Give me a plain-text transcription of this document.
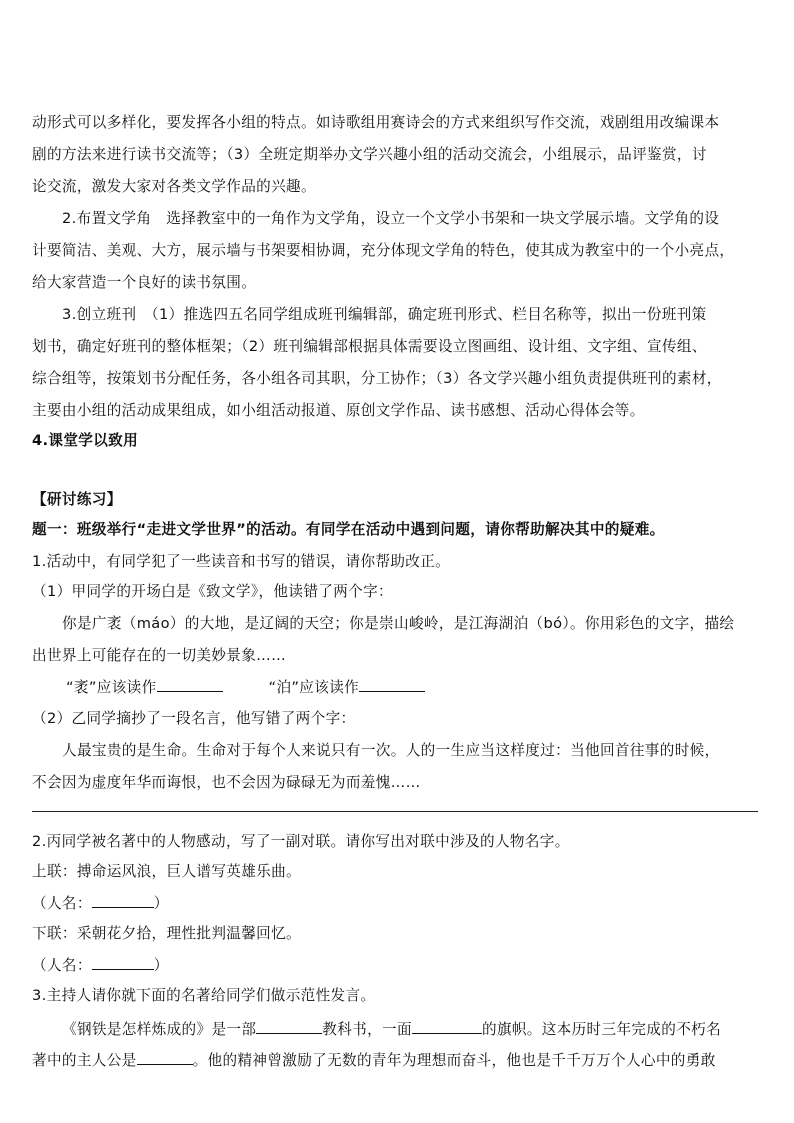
动形式可以多样化，要发挥各小组的特点。如诗歌组用赛诗会的方式来组织写作交流，戏剧组用改编课本
剧的方法来进行读书交流等；（3）全班定期举办文学兴趣小组的活动交流会，小组展示，品评鉴赏，讨
论交流，激发大家对各类文学作品的兴趣。
2.布置文学角　选择教室中的一角作为文学角，设立一个文学小书架和一块文学展示墙。文学角的设
计要简洁、美观、大方，展示墙与书架要相协调，充分体现文学角的特色，使其成为教室中的一个小亮点，
给大家营造一个良好的读书氛围。
3.创立班刊　（1）推选四五名同学组成班刊编辑部，确定班刊形式、栏目名称等，拟出一份班刊策
划书，确定好班刊的整体框架；（2）班刊编辑部根据具体需要设立图画组、设计组、文字组、宣传组、
综合组等，按策划书分配任务，各小组各司其职，分工协作；（3）各文学兴趣小组负责提供班刊的素材，
主要由小组的活动成果组成，如小组活动报道、原创文学作品、读书感想、活动心得体会等。
4.课堂学以致用
【研讨练习】
题一：班级举行“走进文学世界”的活动。有同学在活动中遇到问题，请你帮助解决其中的疑难。
1.活动中，有同学犯了一些读音和书写的错误，请你帮助改正。
（1）甲同学的开场白是《致文学》，他读错了两个字：
你是广袤（máo）的大地，是辽阔的天空；你是崇山峻岭，是江海湖泊（bó）。你用彩色的文字，描绘
出世界上可能存在的一切美妙景象……
“袤”应该读作	“泊”应该读作
（2）乙同学摘抄了一段名言，他写错了两个字：
人最宝贵的是生命。生命对于每个人来说只有一次。人的一生应当这样度过：当他回首往事的时候，
不会因为虚度年华而诲恨，也不会因为碌碌无为而羞愧……
2.丙同学被名著中的人物感动，写了一副对联。请你写出对联中涉及的人物名字。
上联：搏命运风浪，巨人谱写英雄乐曲。
（人名：	）
下联：采朝花夕拾，理性批判温馨回忆。
（人名：	）
3.主持人请你就下面的名著给同学们做示范性发言。
《钢铁是怎样炼成的》是一部	教科书，一面	的旗帜。这本历时三年完成的不朽名
著中的主人公是	。他的精神曾激励了无数的青年为理想而奋斗，他也是千千万万个人心中的勇敢
